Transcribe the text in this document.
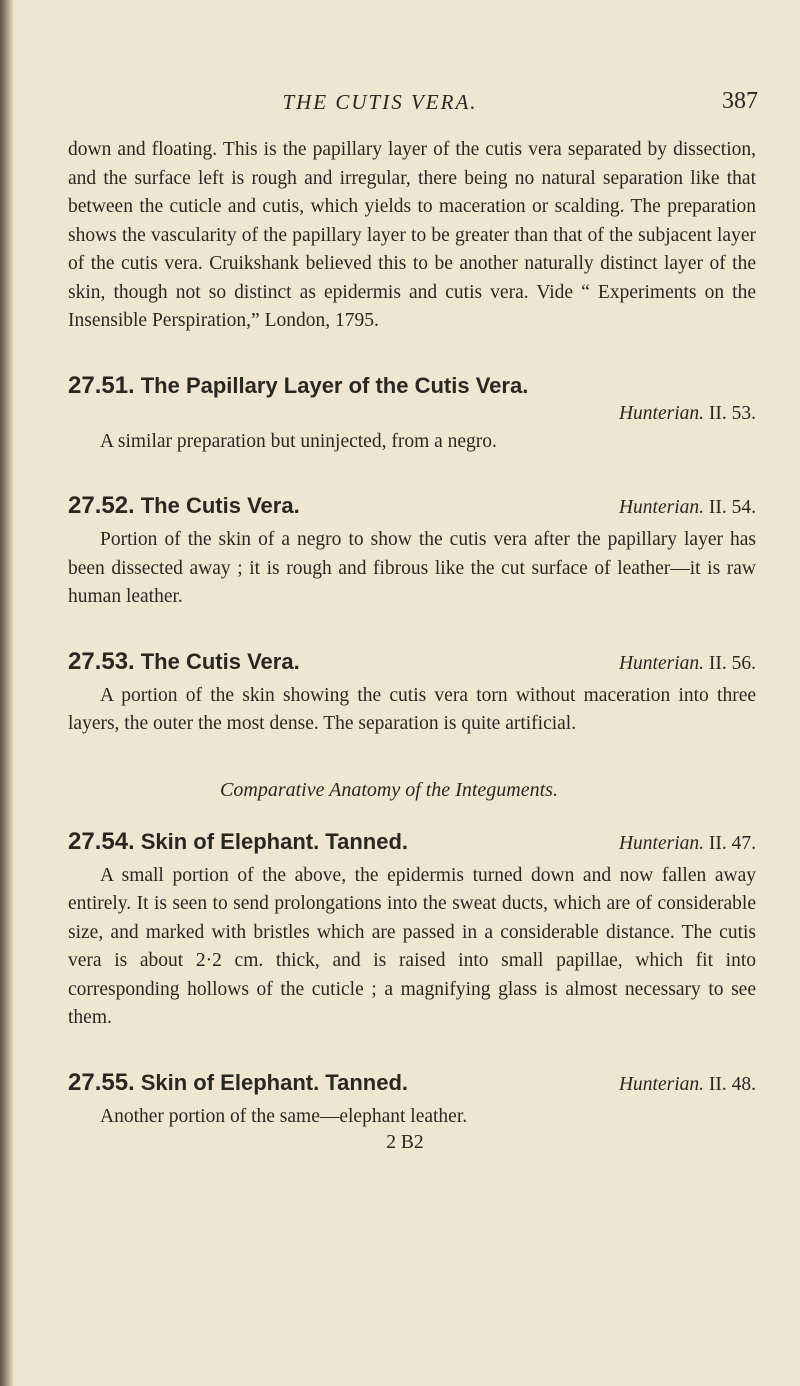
THE CUTIS VERA.	387

down and floating. This is the papillary layer of the cutis vera separated by dissection, and the surface left is rough and irregular, there being no natural separation like that between the cuticle and cutis, which yields to maceration or scalding. The preparation shows the vascularity of the papillary layer to be greater than that of the subjacent layer of the cutis vera. Cruikshank believed this to be another naturally distinct layer of the skin, though not so distinct as epidermis and cutis vera. Vide “ Experiments on the Insensible Perspiration,” London, 1795.

27.51. The Papillary Layer of the Cutis Vera.
Hunterian. II. 53.

A similar preparation but uninjected, from a negro.

27.52. The Cutis Vera.	Hunterian. II. 54.

Portion of the skin of a negro to show the cutis vera after the papillary layer has been dissected away ; it is rough and fibrous like the cut surface of leather—it is raw human leather.

27.53. The Cutis Vera.	Hunterian. II. 56.

A portion of the skin showing the cutis vera torn without maceration into three layers, the outer the most dense. The separation is quite artificial.

Comparative Anatomy of the Integuments.
27.54. Skin of Elephant. Tanned.	Hunterian. II. 47.

A small portion of the above, the epidermis turned down and now fallen away entirely. It is seen to send prolongations into the sweat ducts, which are of considerable size, and marked with bristles which are passed in a considerable distance. The cutis vera is about 2·2 cm. thick, and is raised into small papillae, which fit into corresponding hollows of the cuticle ; a magnifying glass is almost necessary to see them.

27.55. Skin of Elephant. Tanned.	Hunterian. II. 48.

Another portion of the same—elephant leather.

2 B2
